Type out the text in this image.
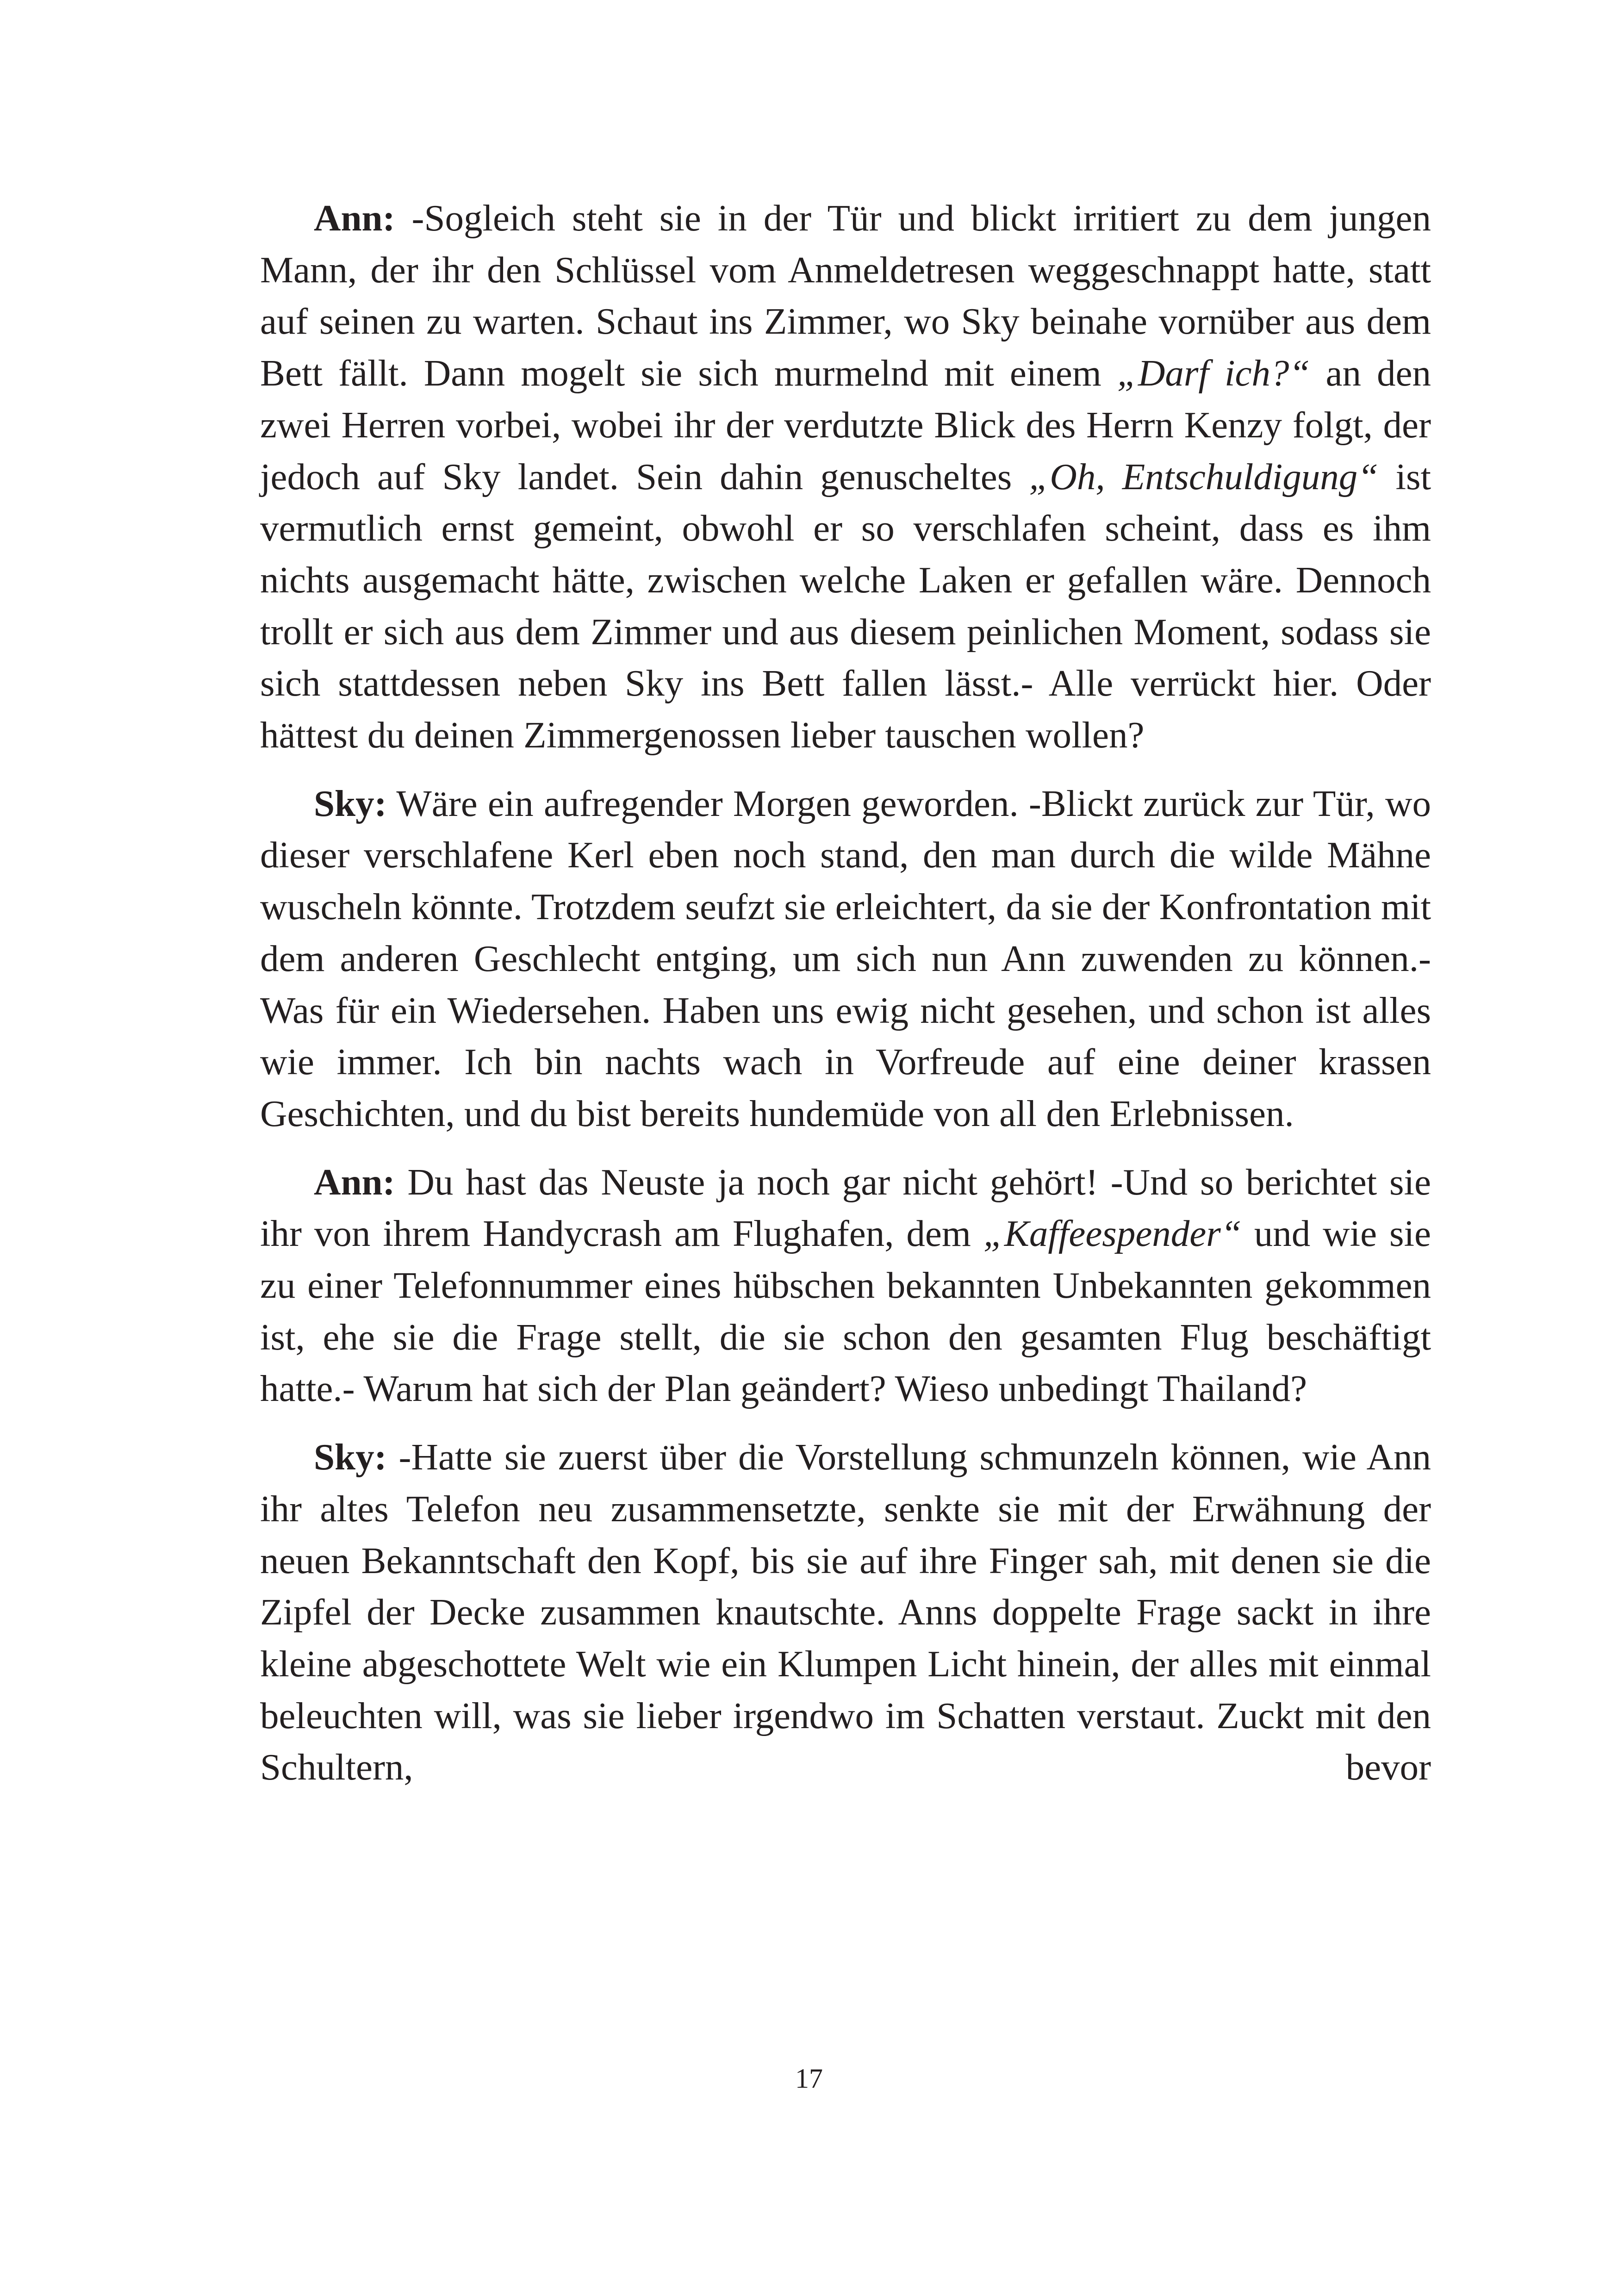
Ann: -Sogleich steht sie in der Tür und blickt irritiert zu dem jungen Mann, der ihr den Schlüssel vom Anmeldetresen weggeschnappt hatte, statt auf seinen zu warten. Schaut ins Zimmer, wo Sky beinahe vornüber aus dem Bett fällt. Dann mogelt sie sich murmelnd mit einem „Darf ich?“ an den zwei Herren vorbei, wobei ihr der verdutzte Blick des Herrn Kenzy folgt, der jedoch auf Sky landet. Sein dahin genuscheltes „Oh, Entschuldigung“ ist vermutlich ernst gemeint, obwohl er so verschlafen scheint, dass es ihm nichts ausgemacht hätte, zwischen welche Laken er gefallen wäre. Dennoch trollt er sich aus dem Zimmer und aus diesem peinlichen Moment, sodass sie sich stattdessen neben Sky ins Bett fallen lässt.- Alle verrückt hier. Oder hättest du deinen Zimmergenossen lieber tauschen wollen?

Sky: Wäre ein aufregender Morgen geworden. -Blickt zurück zur Tür, wo dieser verschlafene Kerl eben noch stand, den man durch die wilde Mähne wuscheln könnte. Trotzdem seufzt sie erleichtert, da sie der Konfrontation mit dem anderen Geschlecht entging, um sich nun Ann zuwenden zu können.- Was für ein Wiedersehen. Haben uns ewig nicht gesehen, und schon ist alles wie immer. Ich bin nachts wach in Vorfreude auf eine deiner krassen Geschichten, und du bist bereits hundemüde von all den Erlebnissen.

Ann: Du hast das Neuste ja noch gar nicht gehört! -Und so berichtet sie ihr von ihrem Handycrash am Flughafen, dem „Kaffeespender“ und wie sie zu einer Telefonnummer eines hübschen bekannten Unbekannten gekommen ist, ehe sie die Frage stellt, die sie schon den gesamten Flug beschäftigt hatte.- Warum hat sich der Plan geändert? Wieso unbedingt Thailand?

Sky: -Hatte sie zuerst über die Vorstellung schmunzeln können, wie Ann ihr altes Telefon neu zusammensetzte, senkte sie mit der Erwähnung der neuen Bekanntschaft den Kopf, bis sie auf ihre Finger sah, mit denen sie die Zipfel der Decke zusammen knautschte. Anns doppelte Frage sackt in ihre kleine abgeschottete Welt wie ein Klumpen Licht hinein, der alles mit einmal beleuchten will, was sie lieber irgendwo im Schatten verstaut. Zuckt mit den Schultern, bevor

17
